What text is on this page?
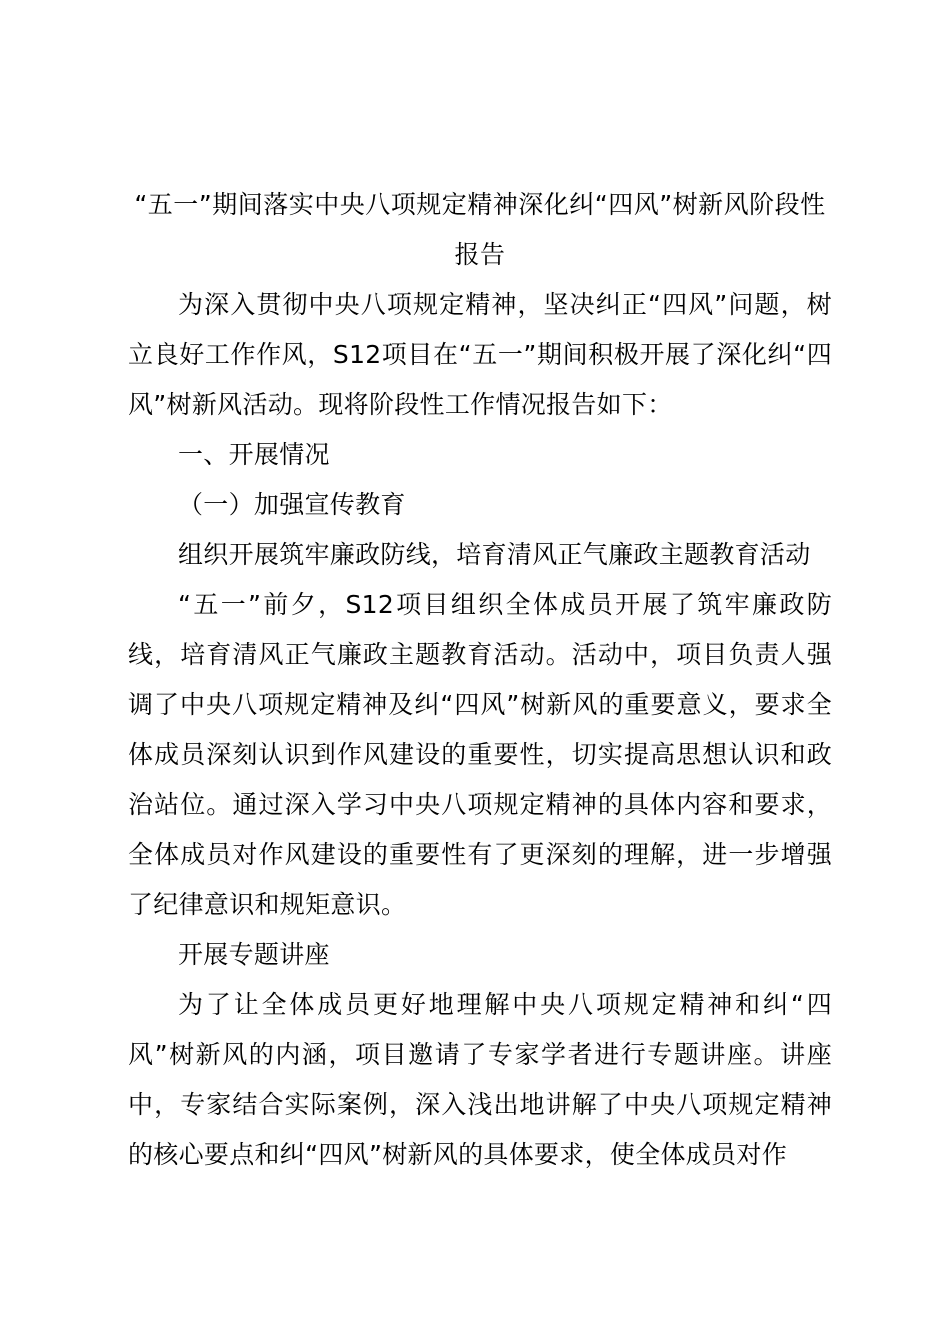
“五一”期间落实中央八项规定精神深化纠“四风”树新风阶段性报告

为深入贯彻中央八项规定精神，坚决纠正“四风”问题，树立良好工作作风，S12项目在“五一”期间积极开展了深化纠“四风”树新风活动。现将阶段性工作情况报告如下：

一、开展情况

（一）加强宣传教育

组织开展筑牢廉政防线，培育清风正气廉政主题教育活动

“五一”前夕，S12项目组织全体成员开展了筑牢廉政防线，培育清风正气廉政主题教育活动。活动中，项目负责人强调了中央八项规定精神及纠“四风”树新风的重要意义，要求全体成员深刻认识到作风建设的重要性，切实提高思想认识和政治站位。通过深入学习中央八项规定精神的具体内容和要求，全体成员对作风建设的重要性有了更深刻的理解，进一步增强了纪律意识和规矩意识。

开展专题讲座

为了让全体成员更好地理解中央八项规定精神和纠“四风”树新风的内涵，项目邀请了专家学者进行专题讲座。讲座中，专家结合实际案例，深入浅出地讲解了中央八项规定精神的核心要点和纠“四风”树新风的具体要求，使全体成员对作
